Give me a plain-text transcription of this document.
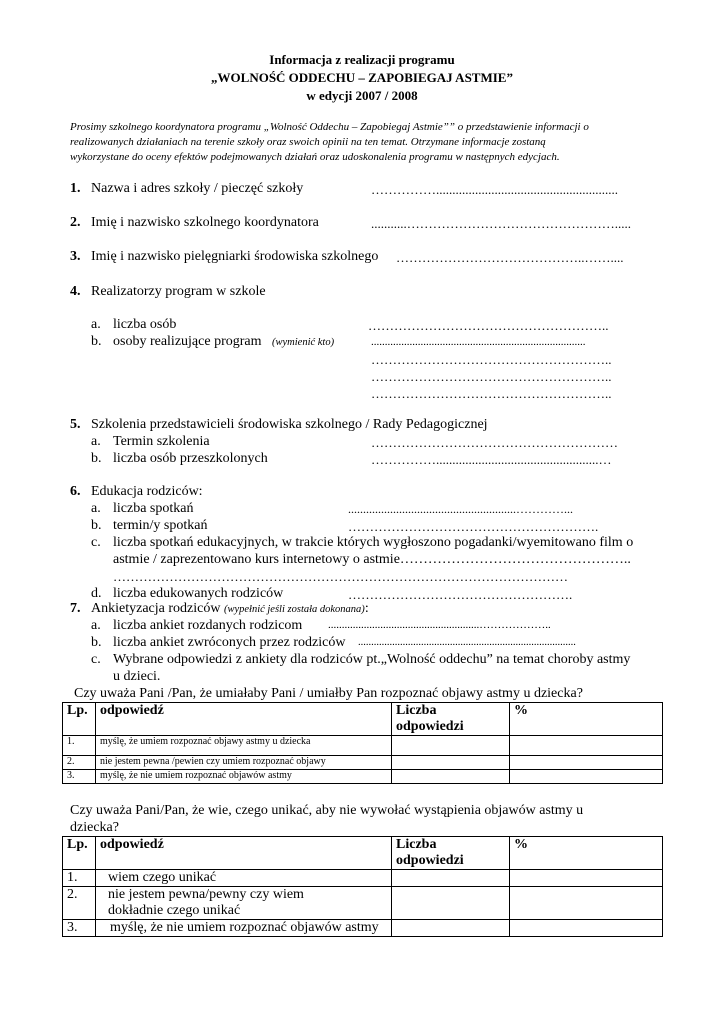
Informacja z realizacji programu
„WOLNOŚĆ ODDECHU – ZAPOBIEGAJ ASTMIE”
w edycji 2007 / 2008
Prosimy szkolnego koordynatora programu „Wolność Oddechu – Zapobiegaj Astmie”” o przedstawienie informacji o
realizowanych działaniach na terenie szkoły oraz swoich opinii na ten temat. Otrzymane informacje zostaną
wykorzystane do oceny efektów podejmowanych działań oraz udoskonalenia programu w następnych edycjach.
1. Nazwa i adres szkoły / pieczęć szkoły	……………........................................................
2. Imię i nazwisko szkolnego koordynatora	...........………………………………………….....
3. Imię i nazwisko pielęgniarki środowiska szkolnego ……………………………………..……....
4. Realizatorzy program w szkole
a. liczba osób	………………………………………………..
b. osoby realizujące program (wymienić kto)	..............................................................................
………………………………………………..
………………………………………………..
………………………………………………..
5. Szkolenia przedstawicieli środowiska szkolnego / Rady Pedagogicznej
a. Termin szkolenia	…………………………………………………
b. liczba osób przeszkolonych	……………..................................................…
6. Edukacja rodziców:
a. liczba spotkań	........................................................…………...
b. termin/y spotkań	………………………………………………….
c. liczba spotkań edukacyjnych, w trakcie których wygłoszono pogadanki/wyemitowano film o
astmie / zaprezentowano kurs internetowy o astmie…………………………………………..
……………………………………………………………………………………………
d. liczba edukowanych rodziców	…………………………………………….
7. Ankietyzacja rodziców (wypełnić jeśli została dokonana):
a. liczba ankiet rozdanych rodzicom .......................................................………………..
b. liczba ankiet zwróconych przez rodziców ...................................................................................
c. Wybrane odpowiedzi z ankiety dla rodziców pt.„Wolność oddechu” na temat choroby astmy
u dzieci.
Czy uważa Pani /Pan, że umiałaby Pani / umiałby Pan rozpoznać objawy astmy u dziecka?
Lp.	odpowiedź	Liczba odpowiedzi	%
1.	myślę, że umiem rozpoznać objawy astmy u dziecka		
2.	nie jestem pewna /pewien czy umiem rozpoznać objawy		
3.	myślę, że nie umiem rozpoznać objawów astmy		
Czy uważa Pani/Pan, że wie, czego unikać, aby nie wywołać wystąpienia objawów astmy u
dziecka?
Lp.	odpowiedź	Liczba odpowiedzi	%
1.	wiem czego unikać		
2.	nie jestem pewna/pewny czy wiem dokładnie czego unikać		
3.	myślę, że nie umiem rozpoznać objawów astmy		
